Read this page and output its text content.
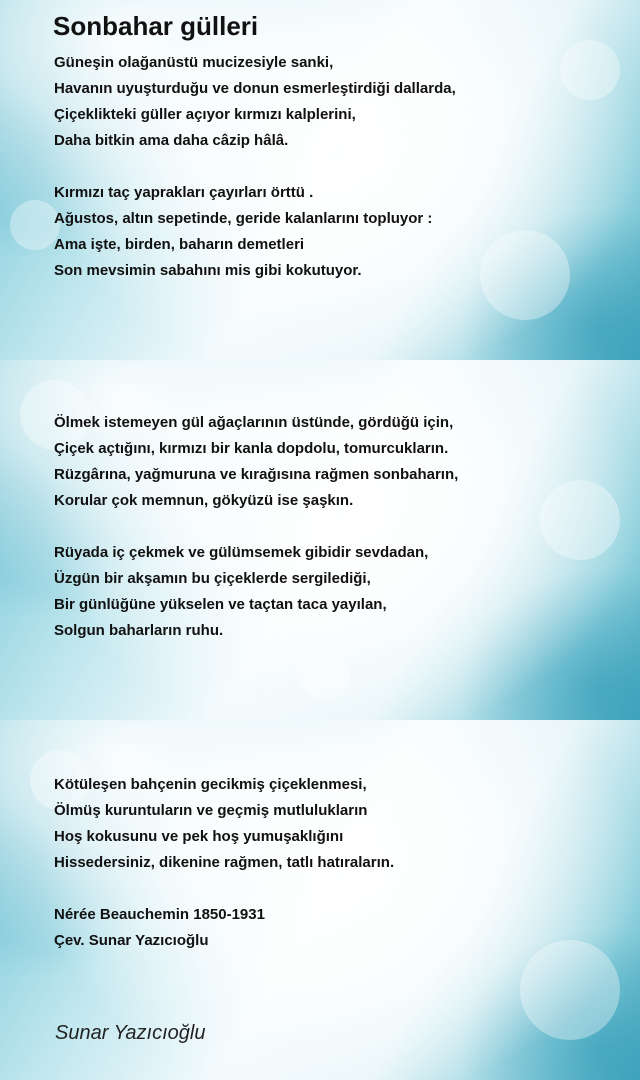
Sonbahar gülleri

Güneşin olağanüstü mucizesiyle sanki,
Havanın uyuşturduğu ve donun esmerleştirdiği dallarda,
Çiçeklikteki güller açıyor kırmızı kalplerini,
Daha bitkin ama daha câzip hâlâ.

Kırmızı taç yaprakları çayırları örttü .
Ağustos, altın sepetinde, geride kalanlarını topluyor :
Ama işte, birden, baharın demetleri
Son mevsimin sabahını mis gibi kokutuyor.

Ölmek istemeyen gül ağaçlarının üstünde, gördüğü için,
Çiçek açtığını, kırmızı bir kanla dopdolu, tomurcukların.
Rüzgârına, yağmuruna ve kırağısına rağmen sonbaharın,
Korular çok memnun, gökyüzü ise şaşkın.

Rüyada iç çekmek ve gülümsemek gibidir sevdadan,
Üzgün bir akşamın bu çiçeklerde sergilediği,
Bir günlüğüne yükselen ve taçtan taca yayılan,
Solgun baharların ruhu.

Kötüleşen bahçenin gecikmiş çiçeklenmesi,
Ölmüş kuruntuların ve geçmiş mutlulukların
Hoş kokusunu ve pek hoş yumuşaklığını
Hissedersiniz, dikenine rağmen, tatlı hatıraların.

Nérée Beauchemin 1850-1931
Çev. Sunar Yazıcıoğlu

Sunar Yazıcıoğlu
